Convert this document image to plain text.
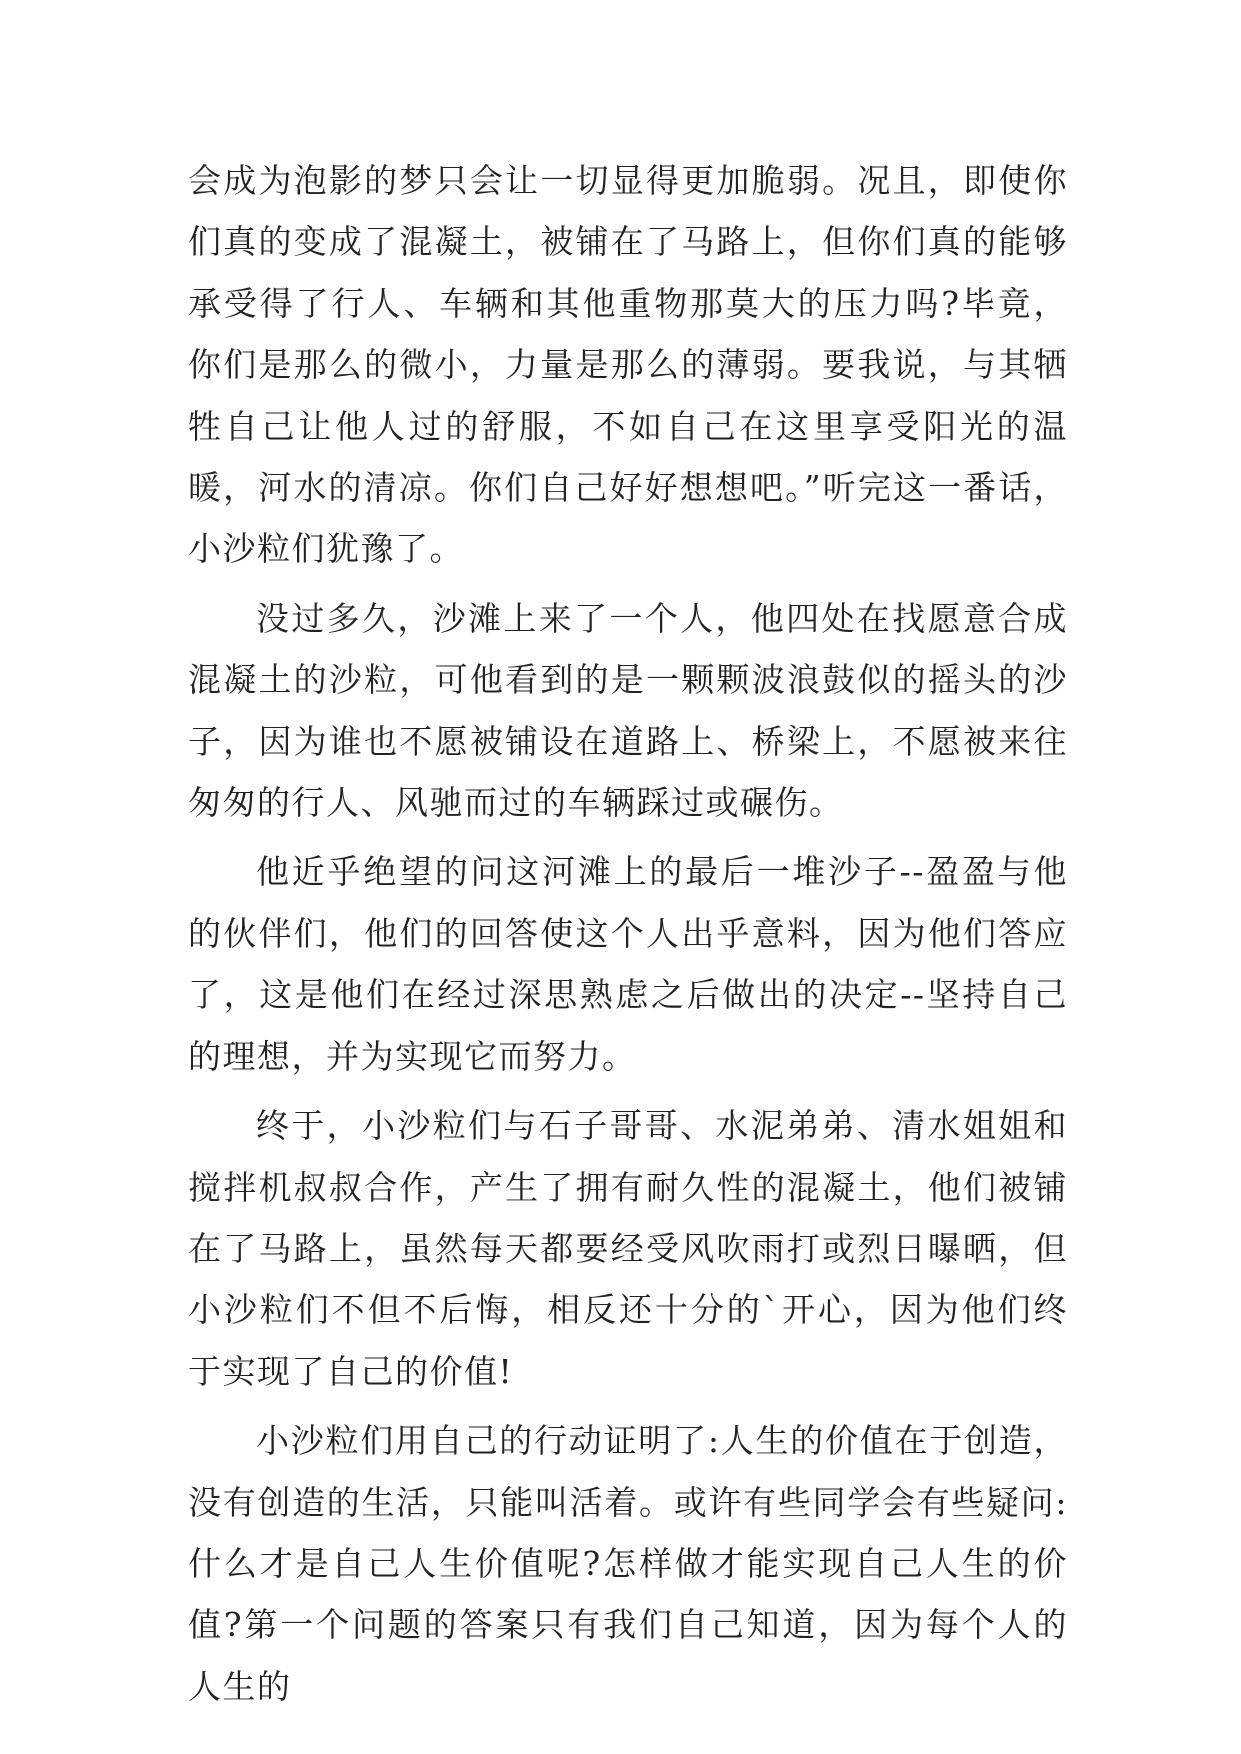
会成为泡影的梦只会让一切显得更加脆弱。况且，即使你们真的变成了混凝土，被铺在了马路上，但你们真的能够承受得了行人、车辆和其他重物那莫大的压力吗?毕竟，你们是那么的微小，力量是那么的薄弱。要我说，与其牺牲自己让他人过的舒服，不如自己在这里享受阳光的温暖，河水的清凉。你们自己好好想想吧。”听完这一番话，小沙粒们犹豫了。

没过多久，沙滩上来了一个人，他四处在找愿意合成混凝土的沙粒，可他看到的是一颗颗波浪鼓似的摇头的沙子，因为谁也不愿被铺设在道路上、桥梁上，不愿被来往匆匆的行人、风驰而过的车辆踩过或碾伤。

他近乎绝望的问这河滩上的最后一堆沙子--盈盈与他的伙伴们，他们的回答使这个人出乎意料，因为他们答应了，这是他们在经过深思熟虑之后做出的决定--坚持自己的理想，并为实现它而努力。

终于，小沙粒们与石子哥哥、水泥弟弟、清水姐姐和搅拌机叔叔合作，产生了拥有耐久性的混凝土，他们被铺在了马路上，虽然每天都要经受风吹雨打或烈日曝晒，但小沙粒们不但不后悔，相反还十分的`开心，因为他们终于实现了自己的价值!

小沙粒们用自己的行动证明了:人生的价值在于创造，没有创造的生活，只能叫活着。或许有些同学会有些疑问:什么才是自己人生价值呢?怎样做才能实现自己人生的价值?第一个问题的答案只有我们自己知道，因为每个人的人生的
